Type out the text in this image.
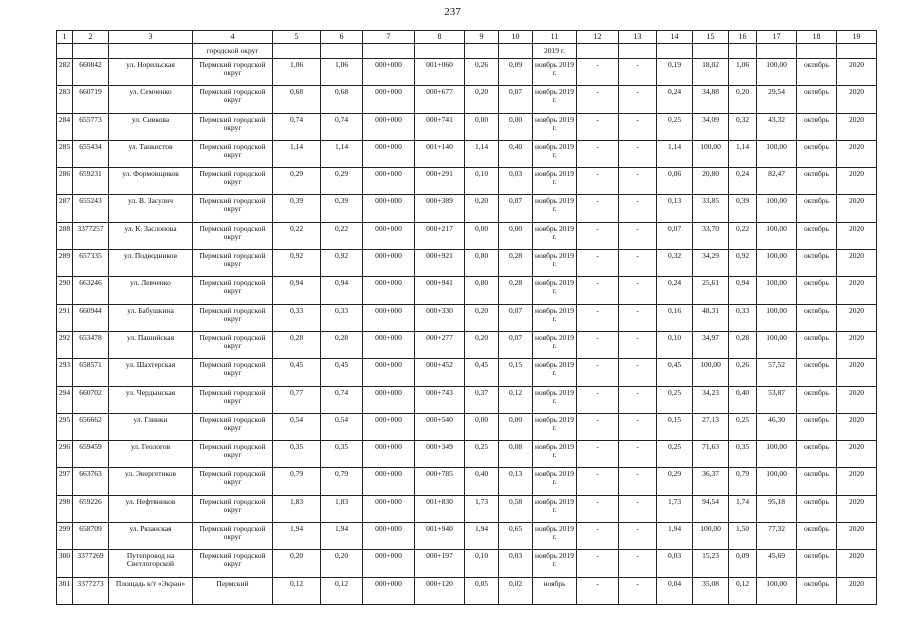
237
1	2	3	4	5	6	7	8	9	10	11	12	13	14	15	16	17	18	19
			городской округ							2019 г.								
282	660842	ул. Норильская	Пермский городской округ	1,06	1,06	000+000	001+060	0,26	0,09	ноябрь 2019 г.	-	-	0,19	18,02	1,06	100,00	октябрь	2020
283	660719	ул. Семченко	Пермский городской округ	0,68	0,68	000+000	000+677	0,20	0,07	ноябрь 2019 г.	-	-	0,24	34,88	0,20	29,54	октябрь	2020
284	655773	ул. Сивкова	Пермский городской округ	0,74	0,74	000+000	000+741	0,00	0,00	ноябрь 2019 г.	-	-	0,25	34,09	0,32	43,32	октябрь	2020
285	655434	ул. Танкистов	Пермский городской округ	1,14	1,14	000+000	001+140	1,14	0,40	ноябрь 2019 г.	-	-	1,14	100,00	1,14	100,00	октябрь	2020
286	659231	ул. Формовщиков	Пермский городской округ	0,29	0,29	000+000	000+291	0,10	0,03	ноябрь 2019 г.	-	-	0,06	20,80	0,24	82,47	октябрь	2020
287	655243	ул. В. Засулич	Пермский городской округ	0,39	0,39	000+000	000+389	0,20	0,07	ноябрь 2019 г.	-	-	0,13	33,85	0,39	100,00	октябрь	2020
288	3377257	ул. К. Заслонова	Пермский городской округ	0,22	0,22	000+000	000+217	0,00	0,00	ноябрь 2019 г.	-	-	0,07	33,70	0,22	100,00	октябрь	2020
289	657335	ул. Подводников	Пермский городской округ	0,92	0,92	000+000	000+921	0,80	0,28	ноябрь 2019 г.	-	-	0,32	34,29	0,92	100,00	октябрь	2020
290	663246	ул. Левченко	Пермский городской округ	0,94	0,94	000+000	000+941	0,80	0,28	ноябрь 2019 г.	-	-	0,24	25,61	0,94	100,00	октябрь	2020
291	660944	ул. Бабушкина	Пермский городской округ	0,33	0,33	000+000	000+330	0,20	0,07	ноябрь 2019 г.	-	-	0,16	48,31	0,33	100,00	октябрь	2020
292	653478	ул. Пашийская	Пермский городской округ	0,28	0,28	000+000	000+277	0,20	0,07	ноябрь 2019 г.	-	-	0,10	34,97	0,28	100,00	октябрь	2020
293	658571	ул. Шахтерская	Пермский городской округ	0,45	0,45	000+000	000+452	0,45	0,15	ноябрь 2019 г.	-	-	0,45	100,00	0,26	57,52	октябрь	2020
294	660702	ул. Чердынская	Пермский городской округ	0,77	0,74	000+000	000+743	0,37	0,12	ноябрь 2019 г.	-	-	0,25	34,23	0,40	53,87	октябрь	2020
295	656662	ул. Глинки	Пермский городской округ	0,54	0,54	000+000	000+540	0,00	0,00	ноябрь 2019 г.	-	-	0,15	27,13	0,25	46,30	октябрь	2020
296	659459	ул. Геологов	Пермский городской округ	0,35	0,35	000+000	000+349	0,25	0,08	ноябрь 2019 г.	-	-	0,25	71,63	0,35	100,00	октябрь	2020
297	663763	ул. Энергетиков	Пермский городской округ	0,79	0,79	000+000	000+785	0,40	0,13	ноябрь 2019 г.	-	-	0,29	36,37	0,79	100,00	октябрь	2020
298	659226	ул. Нефтяников	Пермский городской округ	1,83	1,83	000+000	001+830	1,73	0,58	ноябрь 2019 г.	-	-	1,73	94,54	1,74	95,18	октябрь	2020
299	658709	ул. Рязанская	Пермский городской округ	1,94	1,94	000+000	001+940	1,94	0,65	ноябрь 2019 г.	-	-	1,94	100,00	1,50	77,32	октябрь	2020
300	3377269	Путепровод на Светлогорской	Пермский городской округ	0,20	0,20	000+000	000+197	0,10	0,03	ноябрь 2019 г.	-	-	0,03	15,23	0,09	45,69	октябрь	2020
301	3377273	Площадь к/т «Экран»	Пермский	0,12	0,12	000+000	000+120	0,05	0,02	ноябрь	-	-	0,04	35,08	0,12	100,00	октябрь	2020
